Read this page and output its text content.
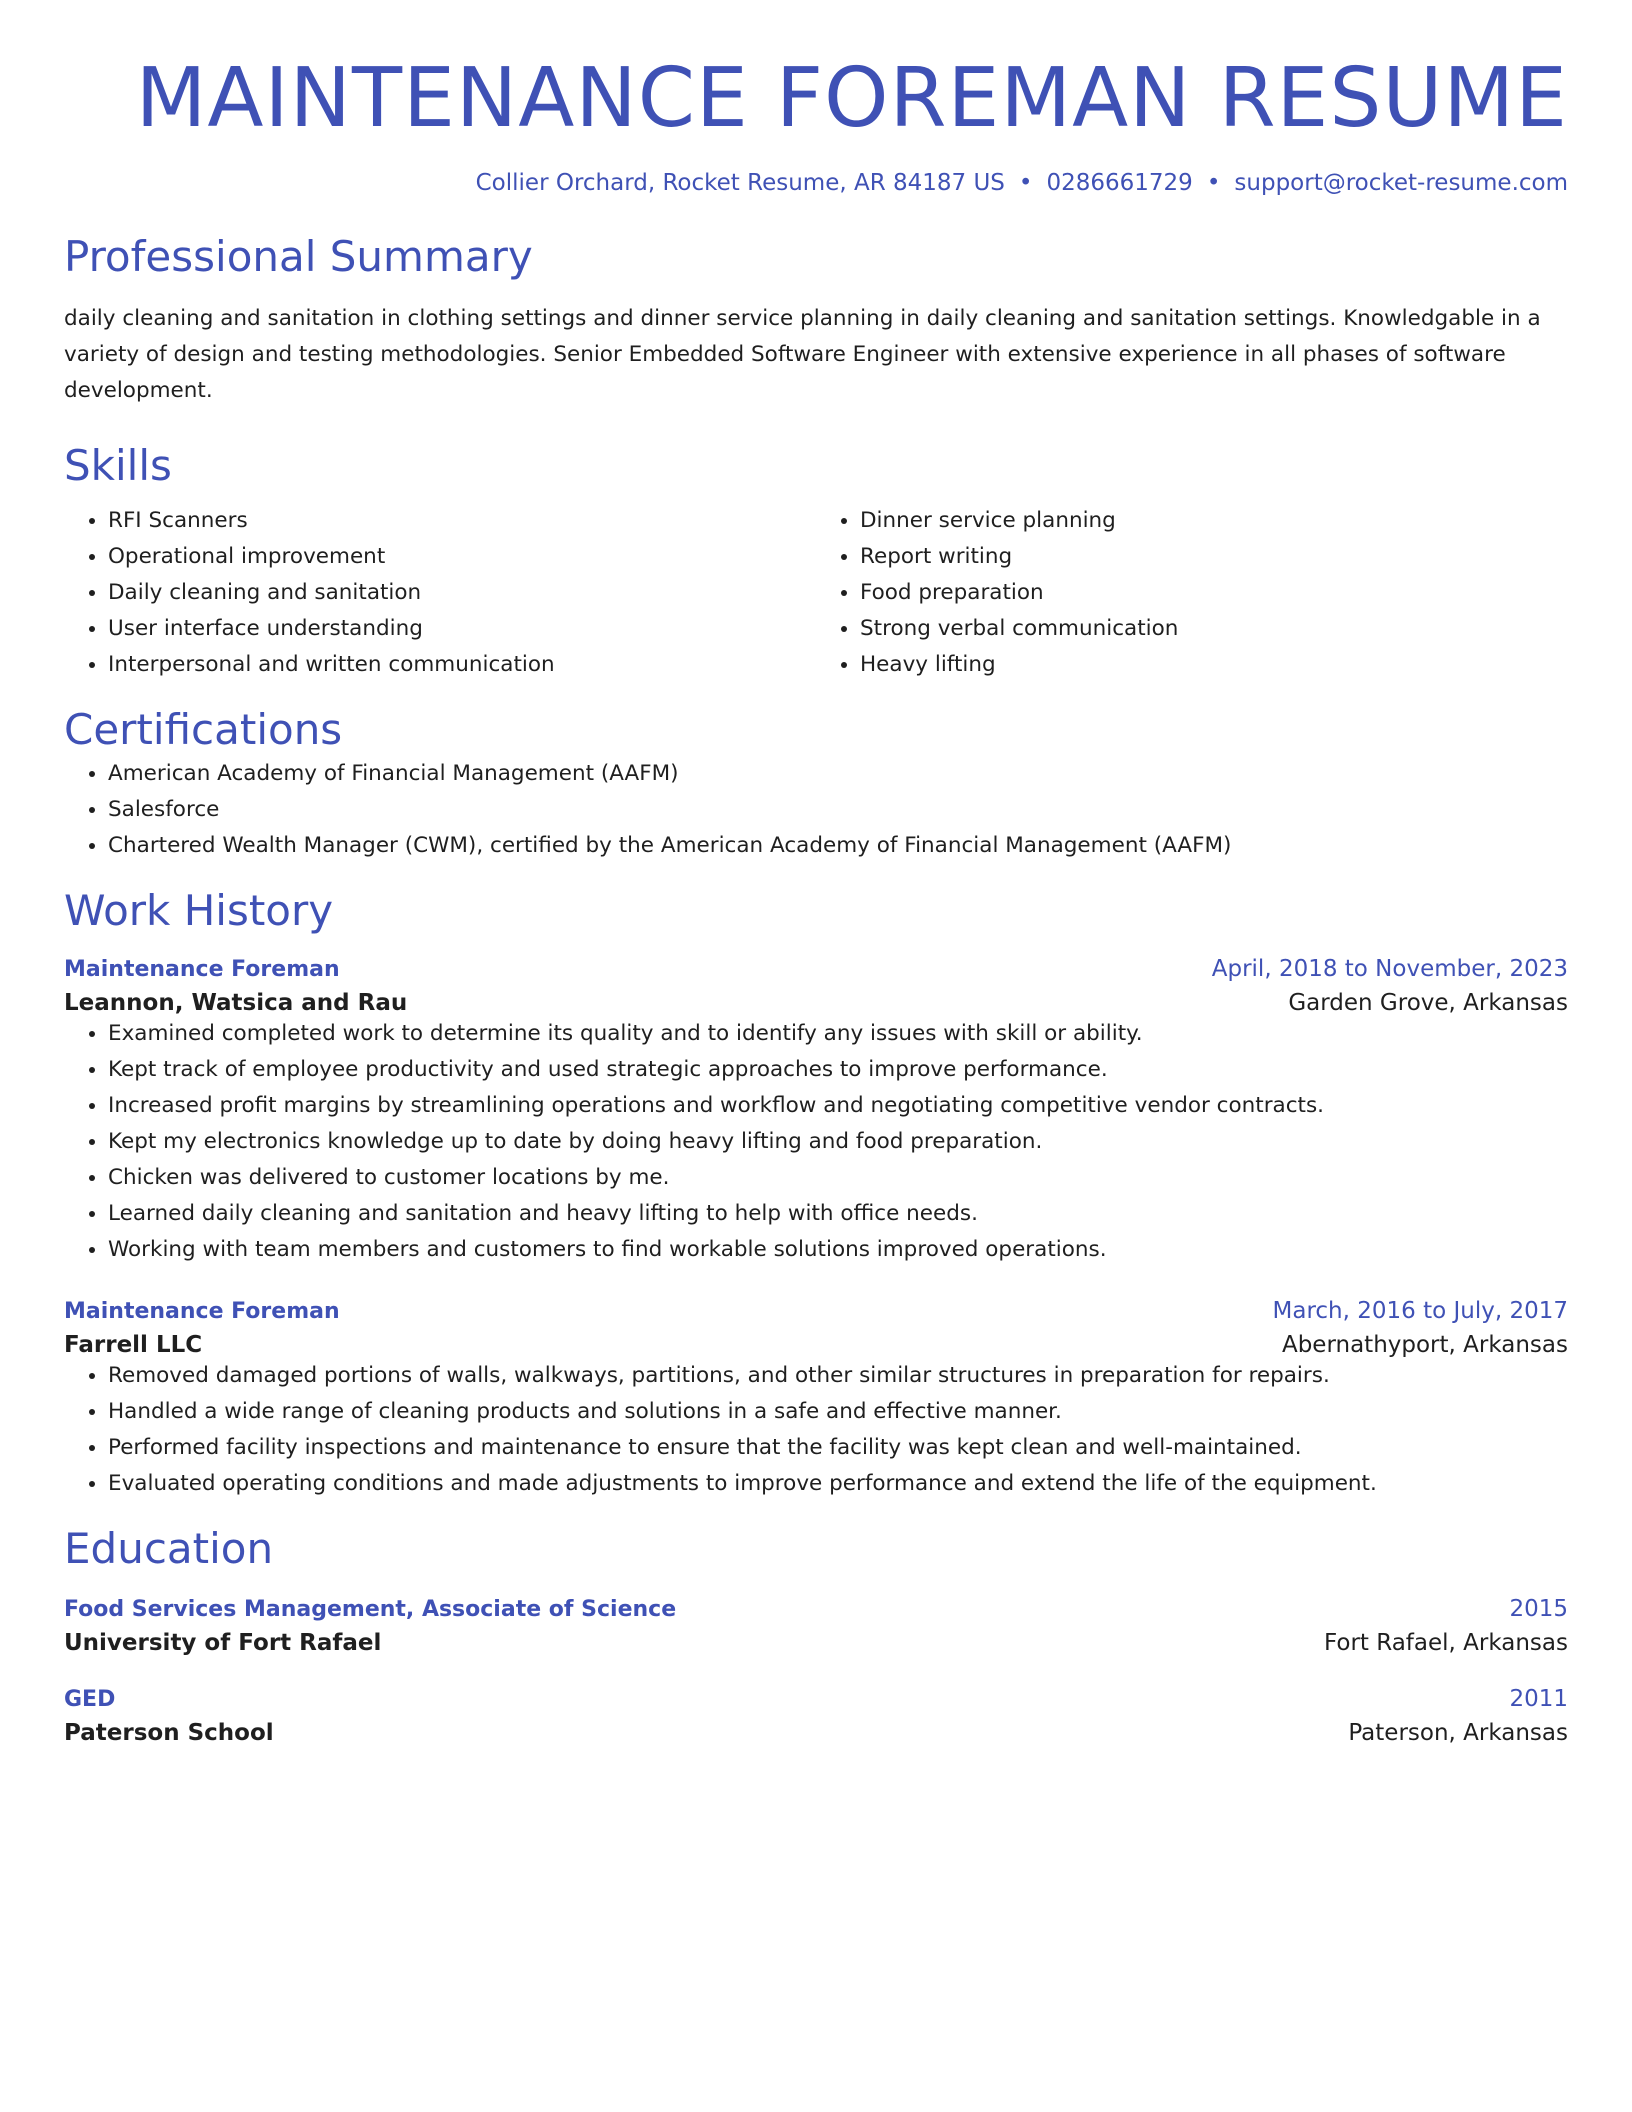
MAINTENANCE FOREMAN RESUME
Collier Orchard, Rocket Resume, AR 84187 US • 0286661729 • support@rocket-resume.com
Professional Summary
daily cleaning and sanitation in clothing settings and dinner service planning in daily cleaning and sanitation settings. Knowledgable in a variety of design and testing methodologies. Senior Embedded Software Engineer with extensive experience in all phases of software development.
Skills
• RFI Scanners
• Operational improvement
• Daily cleaning and sanitation
• User interface understanding
• Interpersonal and written communication
• Dinner service planning
• Report writing
• Food preparation
• Strong verbal communication
• Heavy lifting
Certifications
• American Academy of Financial Management (AAFM)
• Salesforce
• Chartered Wealth Manager (CWM), certified by the American Academy of Financial Management (AAFM)
Work History
Maintenance Foreman	April, 2018 to November, 2023
Leannon, Watsica and Rau	Garden Grove, Arkansas
• Examined completed work to determine its quality and to identify any issues with skill or ability.
• Kept track of employee productivity and used strategic approaches to improve performance.
• Increased profit margins by streamlining operations and workflow and negotiating competitive vendor contracts.
• Kept my electronics knowledge up to date by doing heavy lifting and food preparation.
• Chicken was delivered to customer locations by me.
• Learned daily cleaning and sanitation and heavy lifting to help with office needs.
• Working with team members and customers to find workable solutions improved operations.
Maintenance Foreman	March, 2016 to July, 2017
Farrell LLC	Abernathyport, Arkansas
• Removed damaged portions of walls, walkways, partitions, and other similar structures in preparation for repairs.
• Handled a wide range of cleaning products and solutions in a safe and effective manner.
• Performed facility inspections and maintenance to ensure that the facility was kept clean and well-maintained.
• Evaluated operating conditions and made adjustments to improve performance and extend the life of the equipment.
Education
Food Services Management, Associate of Science	2015
University of Fort Rafael	Fort Rafael, Arkansas
GED	2011
Paterson School	Paterson, Arkansas
